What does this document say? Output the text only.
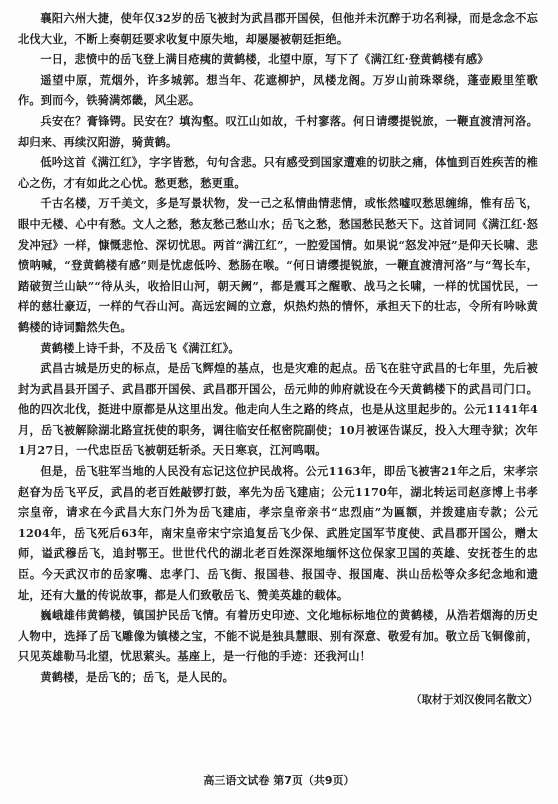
襄阳六州大捷，使年仅32岁的岳飞被封为武昌郡开国侯，但他并未沉醉于功名利禄，而是念念不忘北伐大业，不断上奏朝廷要求收复中原失地，却屡屡被朝廷拒绝。

一日，悲愤中的岳飞登上满目疮痍的黄鹤楼，北望中原，写下了《满江红·登黄鹤楼有感》

遥望中原，荒烟外，许多城郭。想当年、花遮柳护，凤楼龙阁。万岁山前珠翠绕，蓬壶殿里笙歌作。到而今，铁骑满郊畿，风尘恶。

兵安在？膏锋锷。民安在？填沟壑。叹江山如故，千村寥落。何日请缨提锐旅，一鞭直渡清河洛。却归来、再续汉阳游，骑黄鹤。

低吟这首《满江红》，字字皆愁，句句含悲。只有感受到国家遭难的切肤之痛，体恤到百姓疾苦的椎心之伤，才有如此之心忧。愁更愁，愁更重。

千古名楼，万千美文，多是写景状物，发一己之私情曲情悲情，或怅然嘘叹愁思缠绵，惟有岳飞，眼中无楼、心中有愁。文人之愁，愁友愁己愁山水；岳飞之愁，愁国愁民愁天下。这首词同《满江红·怒发冲冠》一样，慷慨悲怆、深切忧思。两首“满江红”，一腔爱国情。如果说“怒发冲冠”是仰天长啸、悲愤呐喊，“登黄鹤楼有感”则是忧虑低吟、愁肠在喉。“何日请缨提锐旅，一鞭直渡清河洛”与“驾长车，踏破贺兰山缺”“待从头，收拾旧山河，朝天阙”，都是震耳之醒歌、战马之长啸，一样的忧国忧民，一样的慈壮豪迈，一样的气吞山河。高远宏阔的立意，炽热灼热的情怀，承担天下的壮志，令所有吟咏黄鹤楼的诗词黯然失色。

黄鹤楼上诗千卦，不及岳飞《满江红》。

武昌古城是历史的标点，是岳飞辉煌的基点，也是灾难的起点。岳飞在驻守武昌的七年里，先后被封为武昌县开国子、武昌郡开国侯、武昌郡开国公，岳元帅的帅府就设在今天黄鹤楼下的武昌司门口。他的四次北伐，挺进中原都是从这里出发。他走向人生之路的终点，也是从这里起步的。公元1141年4月，岳飞被解除湖北路宣抚使的职务，调往临安任枢密院副使；10月被诬告谋反，投入大理寺狱；次年1月27日，一代忠臣岳飞被朝廷斩杀。天日寒哀，江河鸣咽。

但是，岳飞驻军当地的人民没有忘记这位护民战将。公元1163年，即岳飞被害21年之后，宋孝宗赵眘为岳飞平反，武昌的老百姓敲锣打鼓，率先为岳飞建庙；公元1170年，湖北转运司赵彦博上书孝宗皇帝，请求在今武昌大东门外为岳飞建庙，孝宗皇帝亲书“忠烈庙”为匾额，并拨建庙专款；公元1204年，岳飞死后63年，南宋皇帝宋宁宗追复岳飞少保、武胜定国军节度使、武昌郡开国公，赠太师，谥武穆岳飞，追封鄂王。世世代代的湖北老百姓深深地缅怀这位保家卫国的英雄、安抚苍生的忠臣。今天武汉市的岳家嘴、忠孝门、岳飞街、报国巷、报国寺、报国庵、洪山岳松等众多纪念地和遗址，还有大量的传说故事，都是人们致敬岳飞、赞美英雄的载体。

巍峨雄伟黄鹤楼，镇国护民岳飞情。有着历史印迹、文化地标标地位的黄鹤楼，从浩若烟海的历史人物中，选择了岳飞雕像为镇楼之宝，不能不说是独具慧眼、别有深意、敬爱有加。敬立岳飞铜像前，只见英雄勒马北望，忧思萦头。基座上，是一行他的手迹：还我河山！

黄鹤楼，是岳飞的；岳飞，是人民的。

（取材于刘汉俊同名散文）

高三语文试卷 第7页（共9页）
